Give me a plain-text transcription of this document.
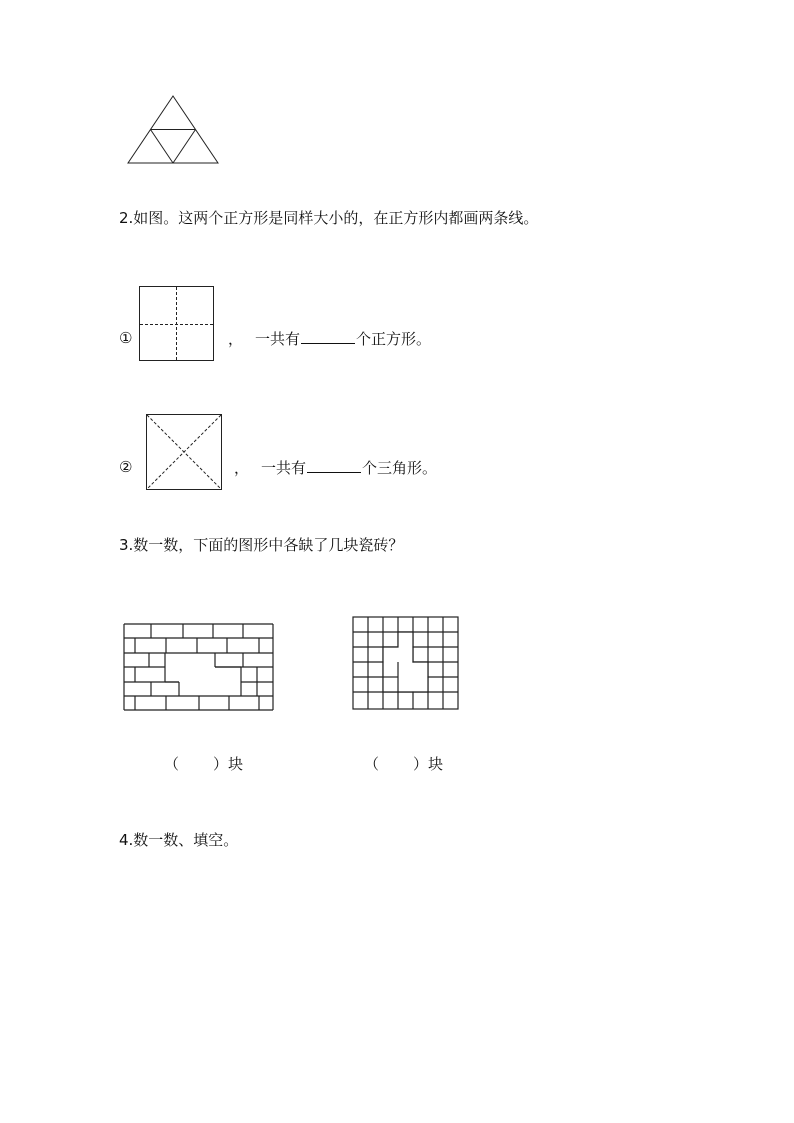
2.如图。这两个正方形是同样大小的，在正方形内都画两条线。
①	， 一共有	个正方形。
②	， 一共有	个三角形。
3.数一数，下面的图形中各缺了几块瓷砖？
（ ）块	（ ）块
4.数一数、填空。
